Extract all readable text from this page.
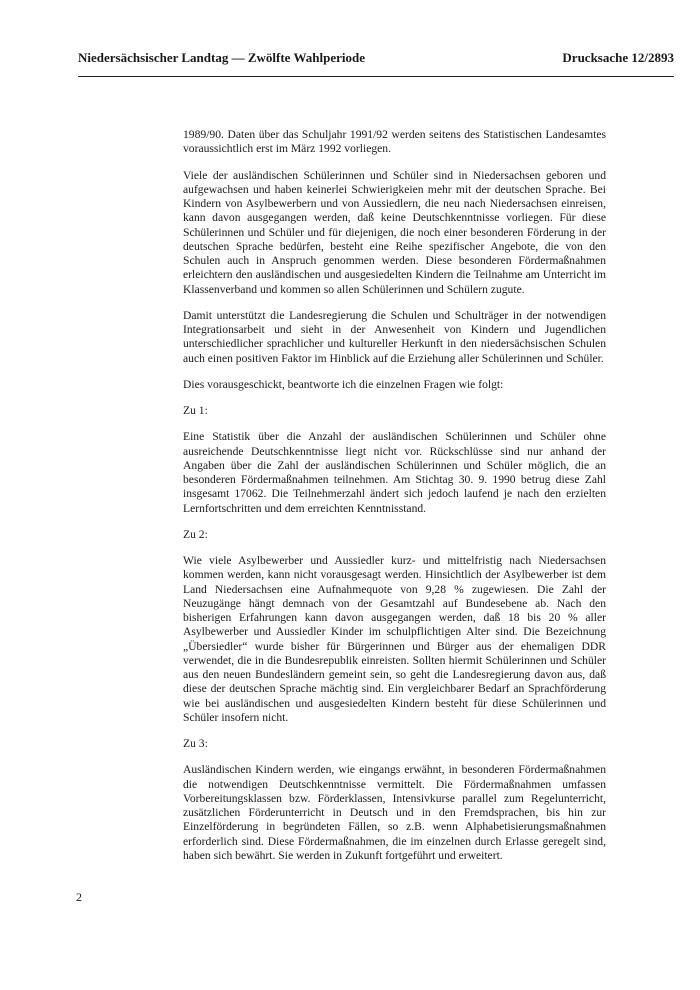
Niedersächsischer Landtag — Zwölfte Wahlperiode	Drucksache 12/2893

1989/90. Daten über das Schuljahr 1991/92 werden seitens des Statistischen Landesamtes voraussichtlich erst im März 1992 vorliegen.

Viele der ausländischen Schülerinnen und Schüler sind in Niedersachsen geboren und aufgewachsen und haben keinerlei Schwierigkeien mehr mit der deutschen Sprache. Bei Kindern von Asylbewerbern und von Aussiedlern, die neu nach Niedersachsen einreisen, kann davon ausgegangen werden, daß keine Deutschkenntnisse vorliegen. Für diese Schülerinnen und Schüler und für diejenigen, die noch einer besonderen Förderung in der deutschen Sprache bedürfen, besteht eine Reihe spezifischer Angebote, die von den Schulen auch in Anspruch genommen werden. Diese besonderen Fördermaßnahmen erleichtern den ausländischen und ausgesiedelten Kindern die Teilnahme am Unterricht im Klassenverband und kommen so allen Schülerinnen und Schülern zugute.

Damit unterstützt die Landesregierung die Schulen und Schulträger in der notwendigen Integrationsarbeit und sieht in der Anwesenheit von Kindern und Jugendlichen unterschiedlicher sprachlicher und kultureller Herkunft in den niedersächsischen Schulen auch einen positiven Faktor im Hinblick auf die Erziehung aller Schülerinnen und Schüler.

Dies vorausgeschickt, beantworte ich die einzelnen Fragen wie folgt:

Zu 1:

Eine Statistik über die Anzahl der ausländischen Schülerinnen und Schüler ohne ausreichende Deutschkenntnisse liegt nicht vor. Rückschlüsse sind nur anhand der Angaben über die Zahl der ausländischen Schülerinnen und Schüler möglich, die an besonderen Fördermaßnahmen teilnehmen. Am Stichtag 30. 9. 1990 betrug diese Zahl insgesamt 17062. Die Teilnehmerzahl ändert sich jedoch laufend je nach den erzielten Lernfortschritten und dem erreichten Kenntnisstand.

Zu 2:

Wie viele Asylbewerber und Aussiedler kurz- und mittelfristig nach Niedersachsen kommen werden, kann nicht vorausgesagt werden. Hinsichtlich der Asylbewerber ist dem Land Niedersachsen eine Aufnahmequote von 9,28 % zugewiesen. Die Zahl der Neuzugänge hängt demnach von der Gesamtzahl auf Bundesebene ab. Nach den bisherigen Erfahrungen kann davon ausgegangen werden, daß 18 bis 20 % aller Asylbewerber und Aussiedler Kinder im schulpflichtigen Alter sind. Die Bezeichnung „Übersiedler“ wurde bisher für Bürgerinnen und Bürger aus der ehemaligen DDR verwendet, die in die Bundesrepublik einreisten. Sollten hiermit Schülerinnen und Schüler aus den neuen Bundesländern gemeint sein, so geht die Landesregierung davon aus, daß diese der deutschen Sprache mächtig sind. Ein vergleichbarer Bedarf an Sprachförderung wie bei ausländischen und ausgesiedelten Kindern besteht für diese Schülerinnen und Schüler insofern nicht.

Zu 3:

Ausländischen Kindern werden, wie eingangs erwähnt, in besonderen Fördermaßnahmen die notwendigen Deutschkenntnisse vermittelt. Die Fördermaßnahmen umfassen Vorbereitungsklassen bzw. Förderklassen, Intensivkurse parallel zum Regelunterricht, zusätzlichen Förderunterricht in Deutsch und in den Fremdsprachen, bis hin zur Einzelförderung in begründeten Fällen, so z.B. wenn Alphabetisierungsmaßnahmen erforderlich sind. Diese Fördermaßnahmen, die im einzelnen durch Erlasse geregelt sind, haben sich bewährt. Sie werden in Zukunft fortgeführt und erweitert.

2
